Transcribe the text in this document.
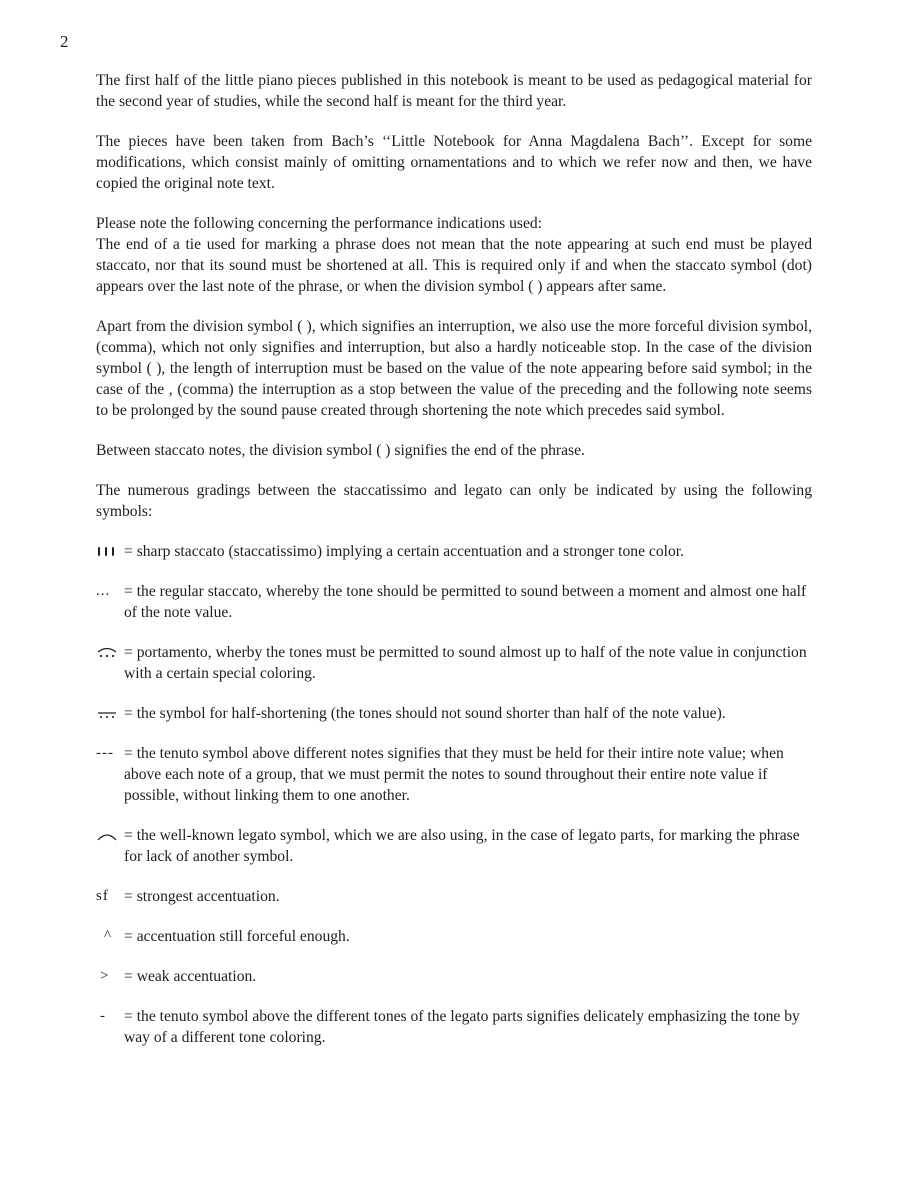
2

The first half of the little piano pieces published in this notebook is meant to be used as pedagogical material for the second year of studies, while the second half is meant for the third year.

The pieces have been taken from Bach’s ‘‘Little Notebook for Anna Magdalena Bach’’. Except for some modifications, which consist mainly of omitting ornamentations and to which we refer now and then, we have copied the original note text.

Please note the following concerning the performance indications used:

The end of a tie used for marking a phrase does not mean that the note appearing at such end must be played staccato, nor that its sound must be shortened at all. This is required only if and when the staccato symbol (dot) appears over the last note of the phrase, or when the division symbol ( ) appears after same.

Apart from the division symbol ( ), which signifies an interruption, we also use the more forceful division symbol, (comma), which not only signifies and interruption, but also a hardly noticeable stop. In the case of the division symbol ( ), the length of interruption must be based on the value of the note appearing before said symbol; in the case of the , (comma) the interruption as a stop between the value of the preceding and the following note seems to be prolonged by the sound pause created through shortening the note which precedes said symbol.

Between staccato notes, the division symbol ( ) signifies the end of the phrase.

The numerous gradings between the staccatissimo and legato can only be indicated by using the following symbols:

= sharp staccato (staccatissimo) implying a certain accentuation and a stronger tone color.
... = the regular staccato, whereby the tone should be permitted to sound between a moment and almost one half of the note value.
= portamento, wherby the tones must be permitted to sound almost up to half of the note value in conjunction with a certain special coloring.
= the symbol for half-shortening (the tones should not sound shorter than half of the note value).
--- = the tenuto symbol above different notes signifies that they must be held for their intire note value; when above each note of a group, that we must permit the notes to sound throughout their entire note value if possible, without linking them to one another.
= the well-known legato symbol, which we are also using, in the case of legato parts, for marking the phrase for lack of another symbol.
sf = strongest accentuation.
^ = accentuation still forceful enough.
> = weak accentuation.
-	= the tenuto symbol above the different tones of the legato parts signifies delicately emphasizing the tone by way of a different tone coloring.
